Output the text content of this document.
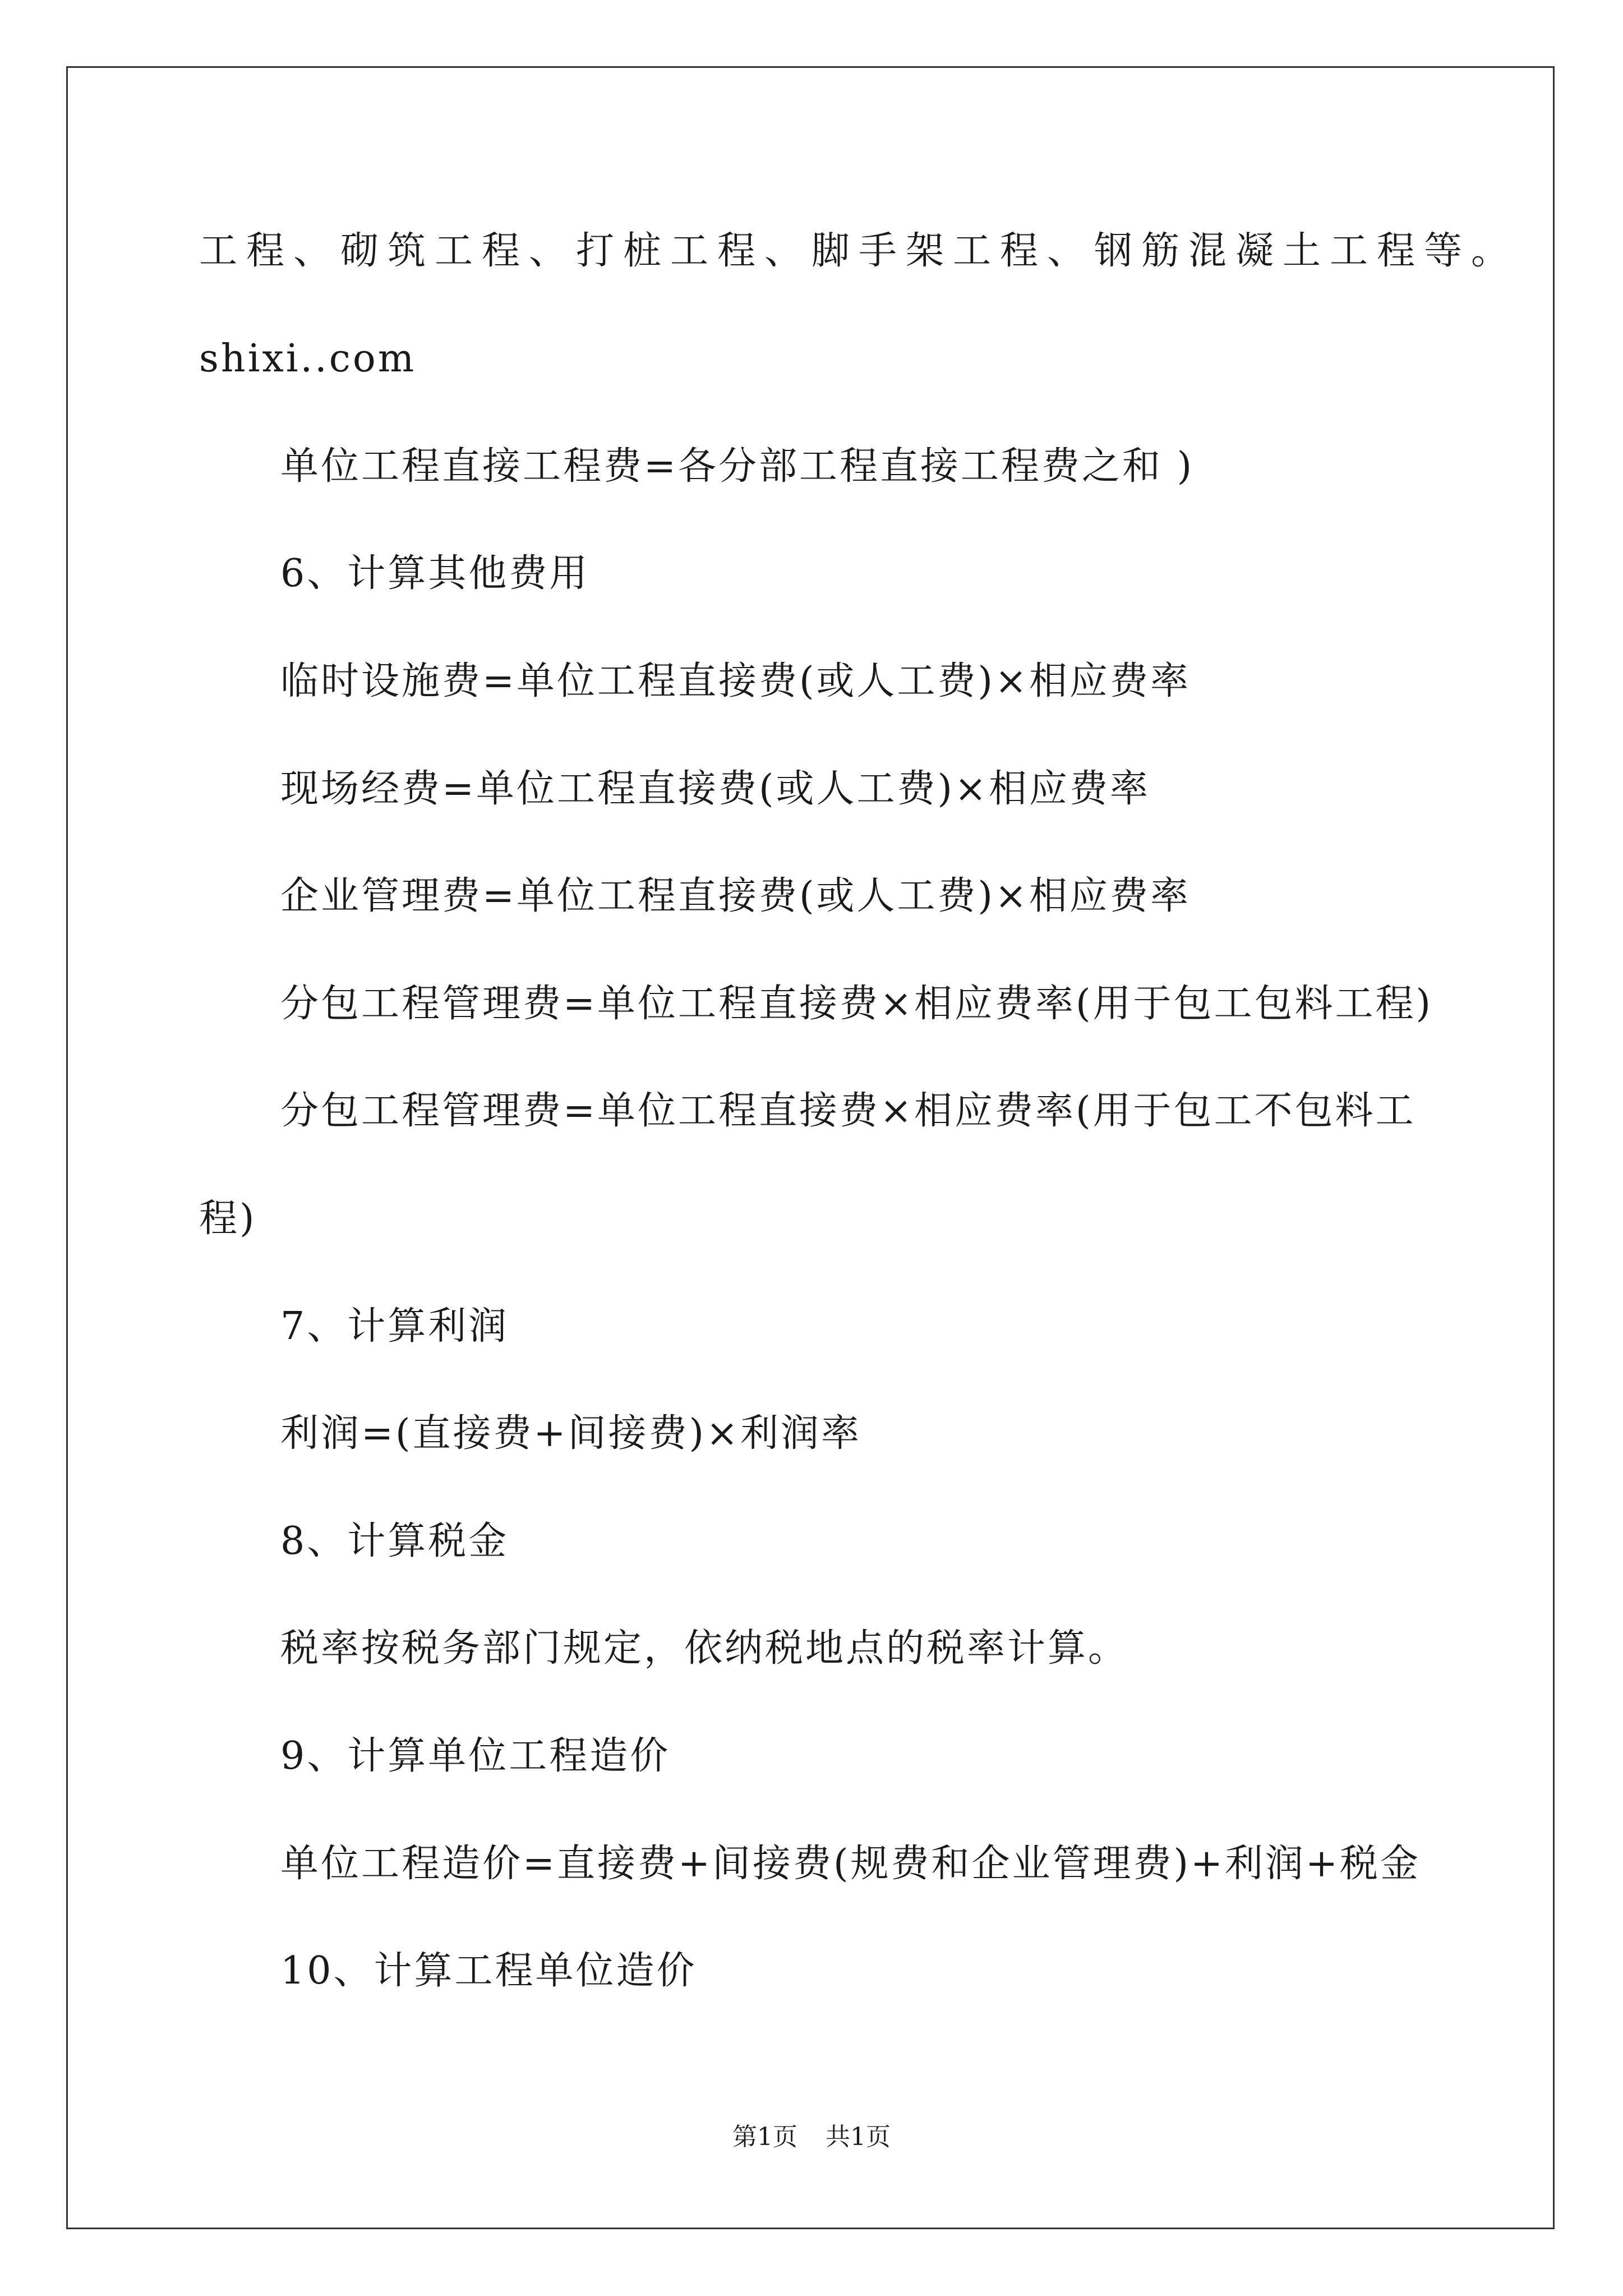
工程、砌筑工程、打桩工程、脚手架工程、钢筋混凝土工程等。
shixi..com
单位工程直接工程费=各分部工程直接工程费之和 )
6、计算其他费用
临时设施费=单位工程直接费(或人工费)×相应费率
现场经费=单位工程直接费(或人工费)×相应费率
企业管理费=单位工程直接费(或人工费)×相应费率
分包工程管理费=单位工程直接费×相应费率(用于包工包料工程)
分包工程管理费=单位工程直接费×相应费率(用于包工不包料工
程)
7、计算利润
利润=(直接费+间接费)×利润率
8、计算税金
税率按税务部门规定，依纳税地点的税率计算。
9、计算单位工程造价
单位工程造价=直接费+间接费(规费和企业管理费)+利润+税金
10、计算工程单位造价
第1页 共1页
